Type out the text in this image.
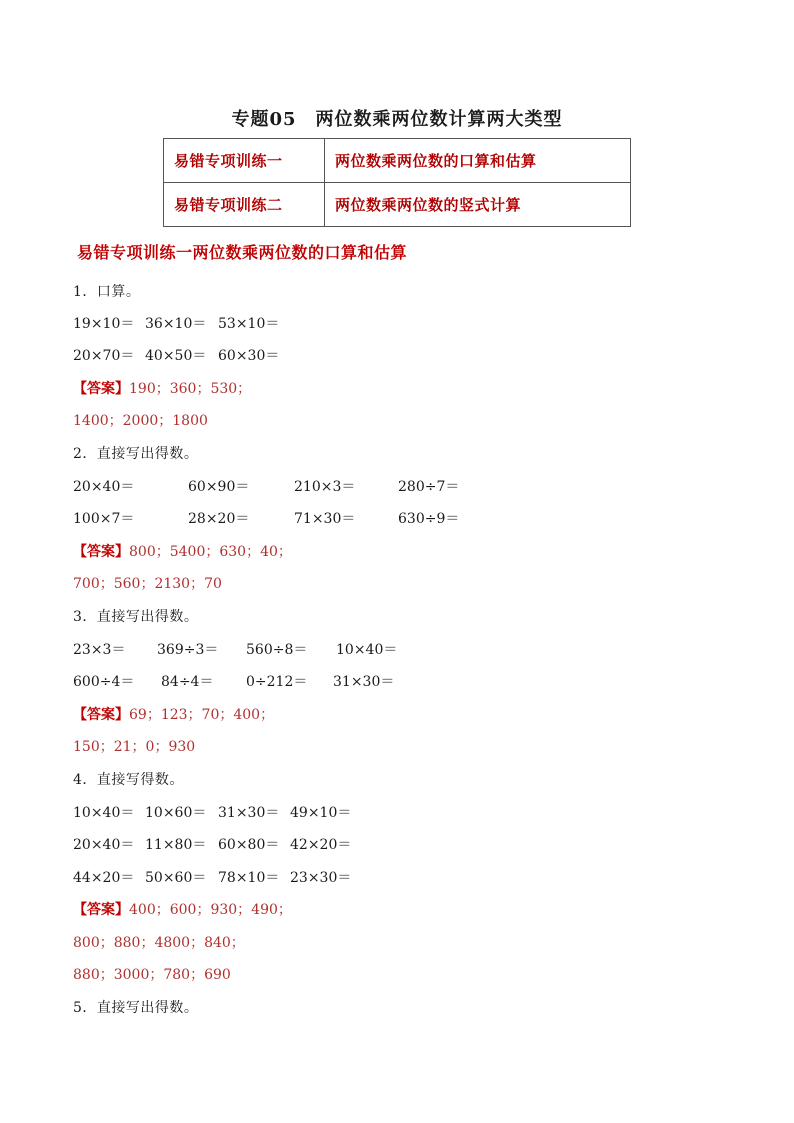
专题05　两位数乘两位数计算两大类型
易错专项训练一	两位数乘两位数的口算和估算
易错专项训练二	两位数乘两位数的竖式计算
易错专项训练一两位数乘两位数的口算和估算
1．口算。
19×10＝ 36×10＝ 53×10＝
20×70＝ 40×50＝ 60×30＝
【答案】190；360；530；
1400；2000；1800
2．直接写出得数。
20×40＝	60×90＝	210×3＝	280÷7＝
100×7＝	28×20＝	71×30＝	630÷9＝
【答案】800；5400；630；40；
700；560；2130；70
3．直接写出得数。
23×3＝ 369÷3＝ 560÷8＝ 10×40＝
600÷4＝ 84÷4＝ 0÷212＝ 31×30＝
【答案】69；123；70；400；
150；21；0；930
4．直接写得数。
10×40＝ 10×60＝ 31×30＝ 49×10＝
20×40＝ 11×80＝ 60×80＝ 42×20＝
44×20＝ 50×60＝ 78×10＝ 23×30＝
【答案】400；600；930；490；
800；880；4800；840；
880；3000；780；690
5．直接写出得数。
